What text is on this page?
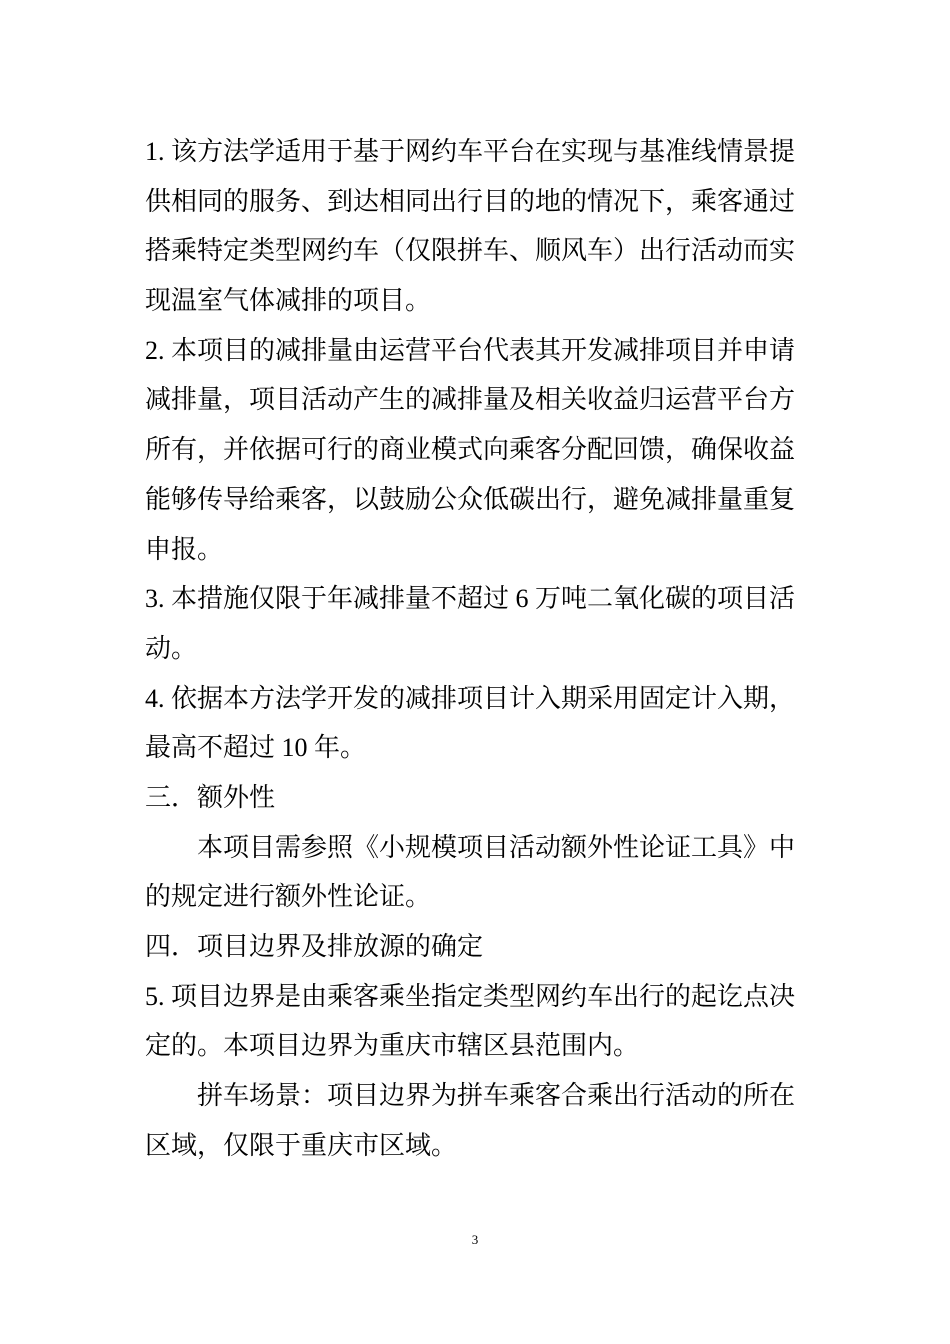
1. 该方法学适用于基于网约车平台在实现与基准线情景提
供相同的服务、到达相同出行目的地的情况下，乘客通过
搭乘特定类型网约车（仅限拼车、顺风车）出行活动而实
现温室气体减排的项目。
2. 本项目的减排量由运营平台代表其开发减排项目并申请
减排量，项目活动产生的减排量及相关收益归运营平台方
所有，并依据可行的商业模式向乘客分配回馈，确保收益
能够传导给乘客，以鼓励公众低碳出行，避免减排量重复
申报。
3. 本措施仅限于年减排量不超过 6 万吨二氧化碳的项目活
动。
4. 依据本方法学开发的减排项目计入期采用固定计入期，
最高不超过 10 年。
三．额外性
本项目需参照《小规模项目活动额外性论证工具》中
的规定进行额外性论证。
四．项目边界及排放源的确定
5. 项目边界是由乘客乘坐指定类型网约车出行的起讫点决
定的。本项目边界为重庆市辖区县范围内。
拼车场景：项目边界为拼车乘客合乘出行活动的所在
区域，仅限于重庆市区域。
3
